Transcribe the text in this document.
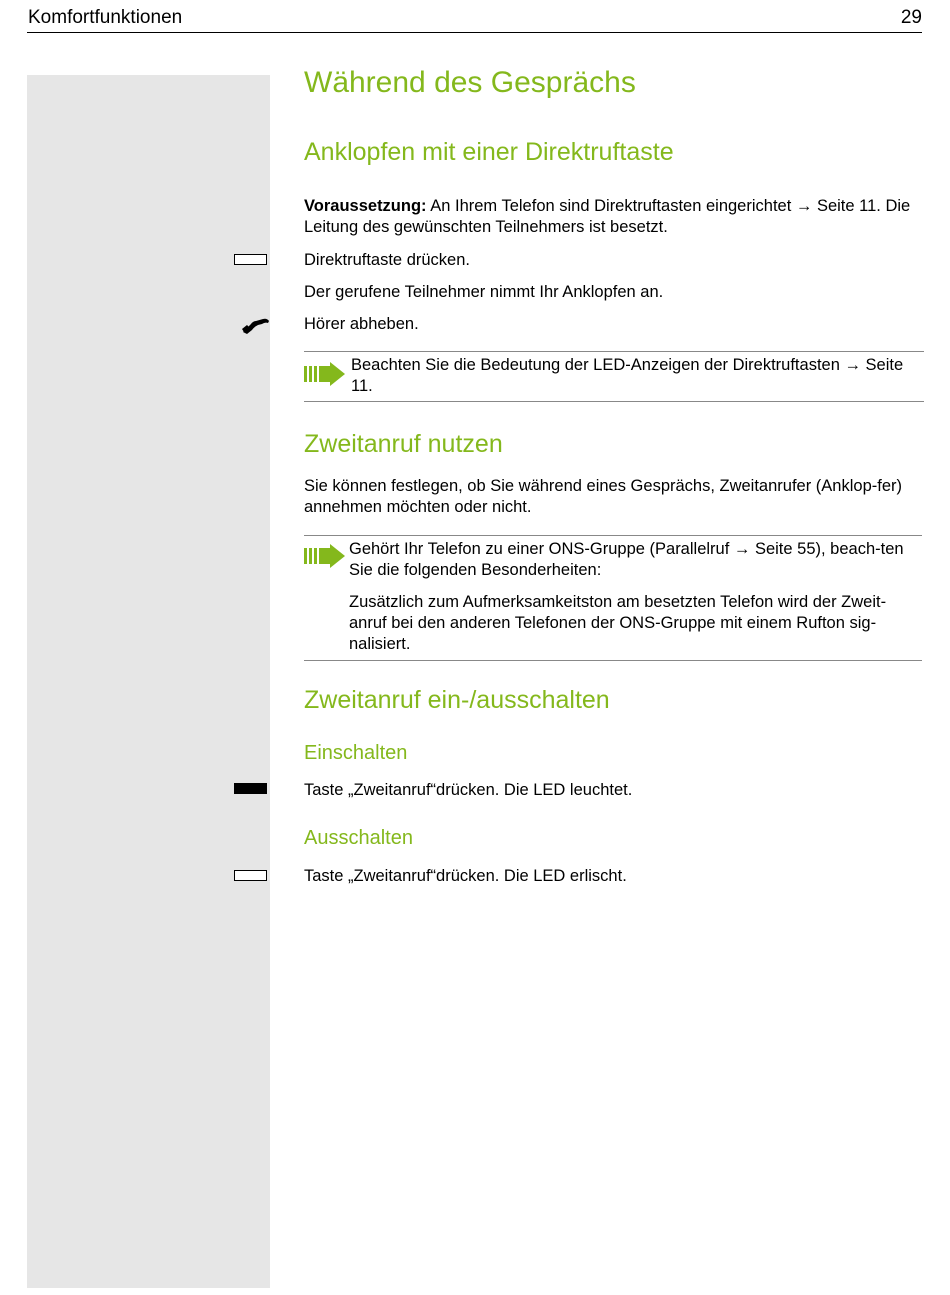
Komfortfunktionen	29
Während des Gesprächs
Anklopfen mit einer Direktruftaste
Voraussetzung: An Ihrem Telefon sind Direktruftasten eingerichtet → Seite 11. Die Leitung des gewünschten Teilnehmers ist besetzt.
Direktruftaste drücken.
Der gerufene Teilnehmer nimmt Ihr Anklopfen an.
Hörer abheben.
Beachten Sie die Bedeutung der LED-Anzeigen der Direktruftasten → Seite 11.
Zweitanruf nutzen
Sie können festlegen, ob Sie während eines Gesprächs, Zweitanrufer (Anklop-fer) annehmen möchten oder nicht.
Gehört Ihr Telefon zu einer ONS-Gruppe (Parallelruf → Seite 55), beach-ten Sie die folgenden Besonderheiten:
Zusätzlich zum Aufmerksamkeitston am besetzten Telefon wird der Zweit-anruf bei den anderen Telefonen der ONS-Gruppe mit einem Rufton sig-nalisiert.
Zweitanruf ein-/ausschalten
Einschalten
Taste „Zweitanruf“drücken. Die LED leuchtet.
Ausschalten
Taste „Zweitanruf“drücken. Die LED erlischt.
